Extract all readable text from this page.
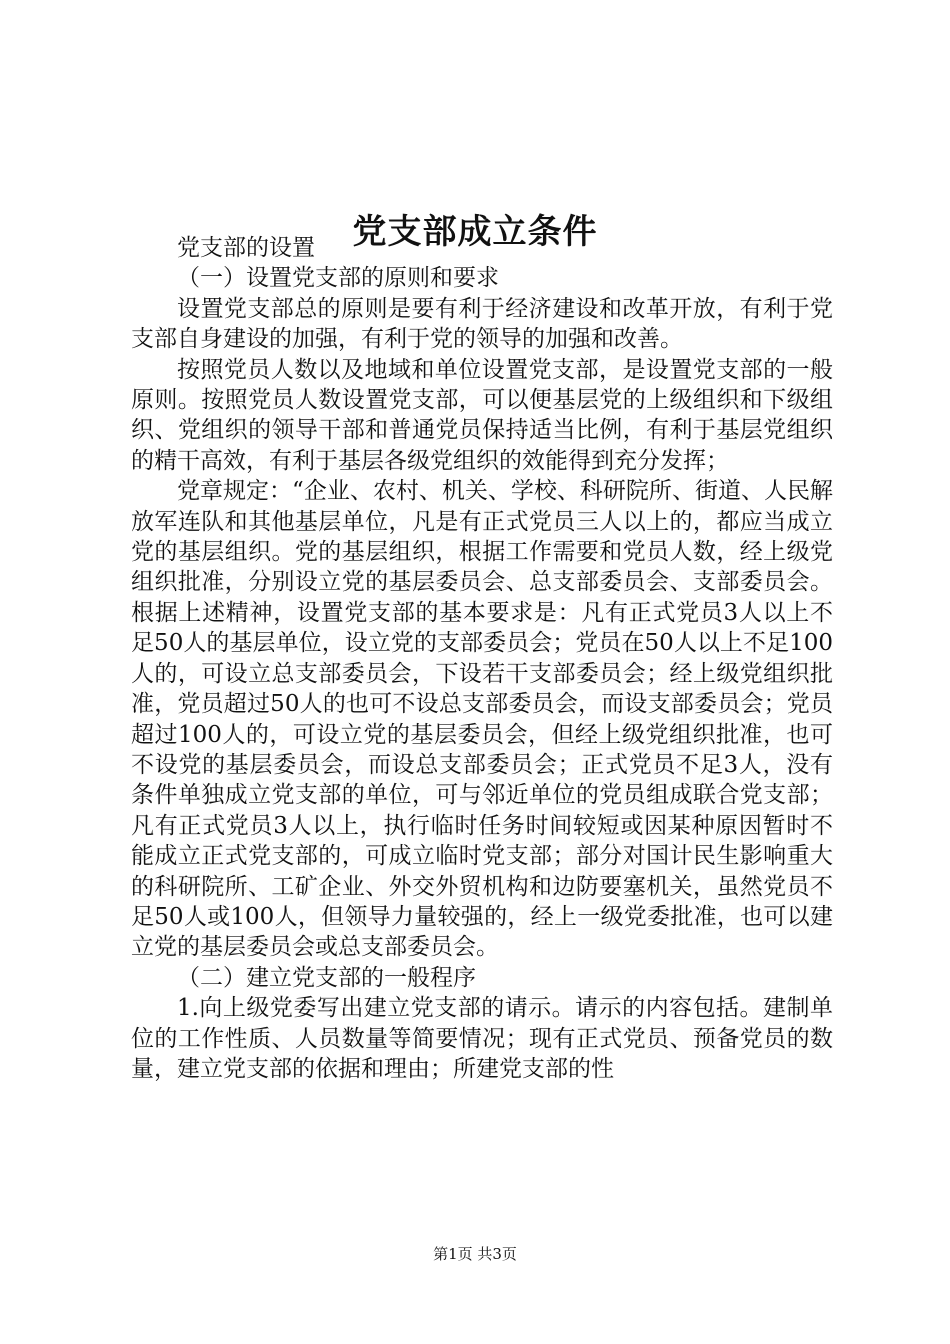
党支部成立条件

党支部的设置

（一）设置党支部的原则和要求

设置党支部总的原则是要有利于经济建设和改革开放，有利于党支部自身建设的加强，有利于党的领导的加强和改善。

按照党员人数以及地域和单位设置党支部，是设置党支部的一般原则。按照党员人数设置党支部，可以便基层党的上级组织和下级组织、党组织的领导干部和普通党员保持适当比例，有利于基层党组织的精干高效，有利于基层各级党组织的效能得到充分发挥；

党章规定：“企业、农村、机关、学校、科研院所、街道、人民解放军连队和其他基层单位，凡是有正式党员三人以上的，都应当成立党的基层组织。党的基层组织，根据工作需要和党员人数，经上级党组织批准，分别设立党的基层委员会、总支部委员会、支部委员会。根据上述精神，设置党支部的基本要求是：凡有正式党员3人以上不足50人的基层单位，设立党的支部委员会；党员在50人以上不足100人的，可设立总支部委员会，下设若干支部委员会；经上级党组织批准，党员超过50人的也可不设总支部委员会，而设支部委员会；党员超过100人的，可设立党的基层委员会，但经上级党组织批准，也可不设党的基层委员会，而设总支部委员会；正式党员不足3人，没有条件单独成立党支部的单位，可与邻近单位的党员组成联合党支部；凡有正式党员3人以上，执行临时任务时间较短或因某种原因暂时不能成立正式党支部的，可成立临时党支部；部分对国计民生影响重大的科研院所、工矿企业、外交外贸机构和边防要塞机关，虽然党员不足50人或100人，但领导力量较强的，经上一级党委批准，也可以建立党的基层委员会或总支部委员会。

（二）建立党支部的一般程序

1.向上级党委写出建立党支部的请示。请示的内容包括。建制单位的工作性质、人员数量等简要情况；现有正式党员、预备党员的数量，建立党支部的依据和理由；所建党支部的性

第1页 共3页
